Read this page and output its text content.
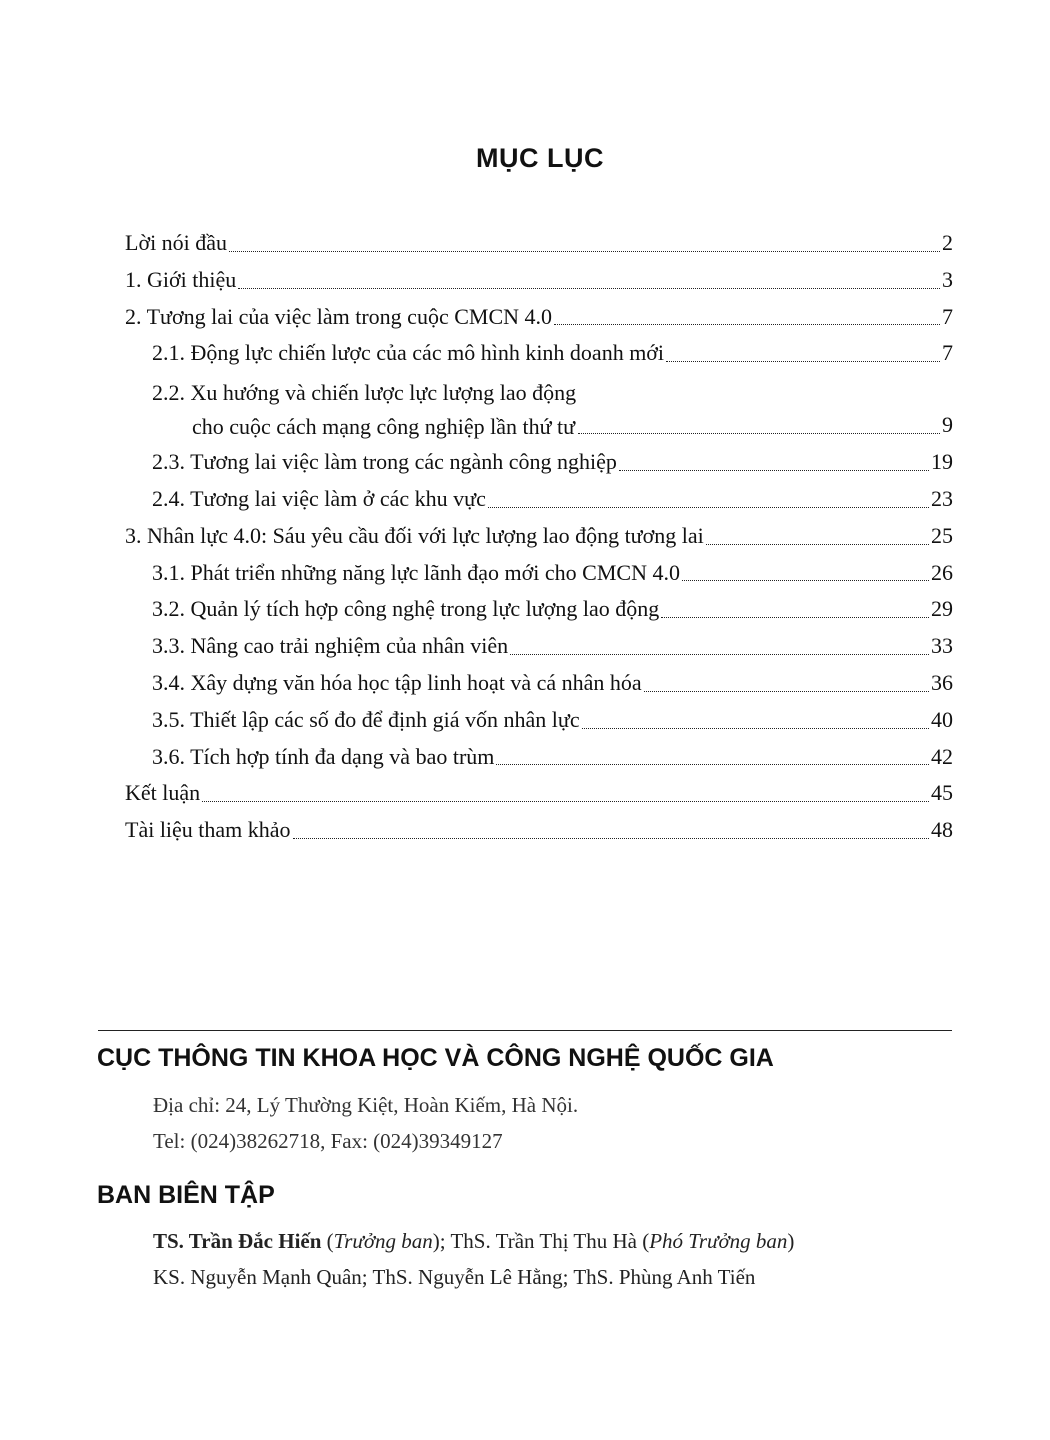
MỤC LỤC
Lời nói đầu	2
1. Giới thiệu	3
2. Tương lai của việc làm trong cuộc CMCN 4.0	7
2.1. Động lực chiến lược của các mô hình kinh doanh mới	7
2.2. Xu hướng và chiến lược lực lượng lao động
cho cuộc cách mạng công nghiệp lần thứ tư	9
2.3. Tương lai việc làm trong các ngành công nghiệp	19
2.4. Tương lai việc làm ở các khu vực	23
3. Nhân lực 4.0: Sáu yêu cầu đối với lực lượng lao động tương lai	25
3.1. Phát triển những năng lực lãnh đạo mới cho CMCN 4.0	26
3.2. Quản lý tích hợp công nghệ trong lực lượng lao động	29
3.3. Nâng cao trải nghiệm của nhân viên	33
3.4. Xây dựng văn hóa học tập linh hoạt và cá nhân hóa	36
3.5. Thiết lập các số đo để định giá vốn nhân lực	40
3.6. Tích hợp tính đa dạng và bao trùm	42
Kết luận	45
Tài liệu tham khảo	48
CỤC THÔNG TIN KHOA HỌC VÀ CÔNG NGHỆ QUỐC GIA
Địa chỉ: 24, Lý Thường Kiệt, Hoàn Kiếm, Hà Nội.
Tel: (024)38262718, Fax: (024)39349127
BAN BIÊN TẬP
TS. Trần Đắc Hiến (Trưởng ban); ThS. Trần Thị Thu Hà (Phó Trưởng ban)
KS. Nguyễn Mạnh Quân; ThS. Nguyễn Lê Hằng; ThS. Phùng Anh Tiến
